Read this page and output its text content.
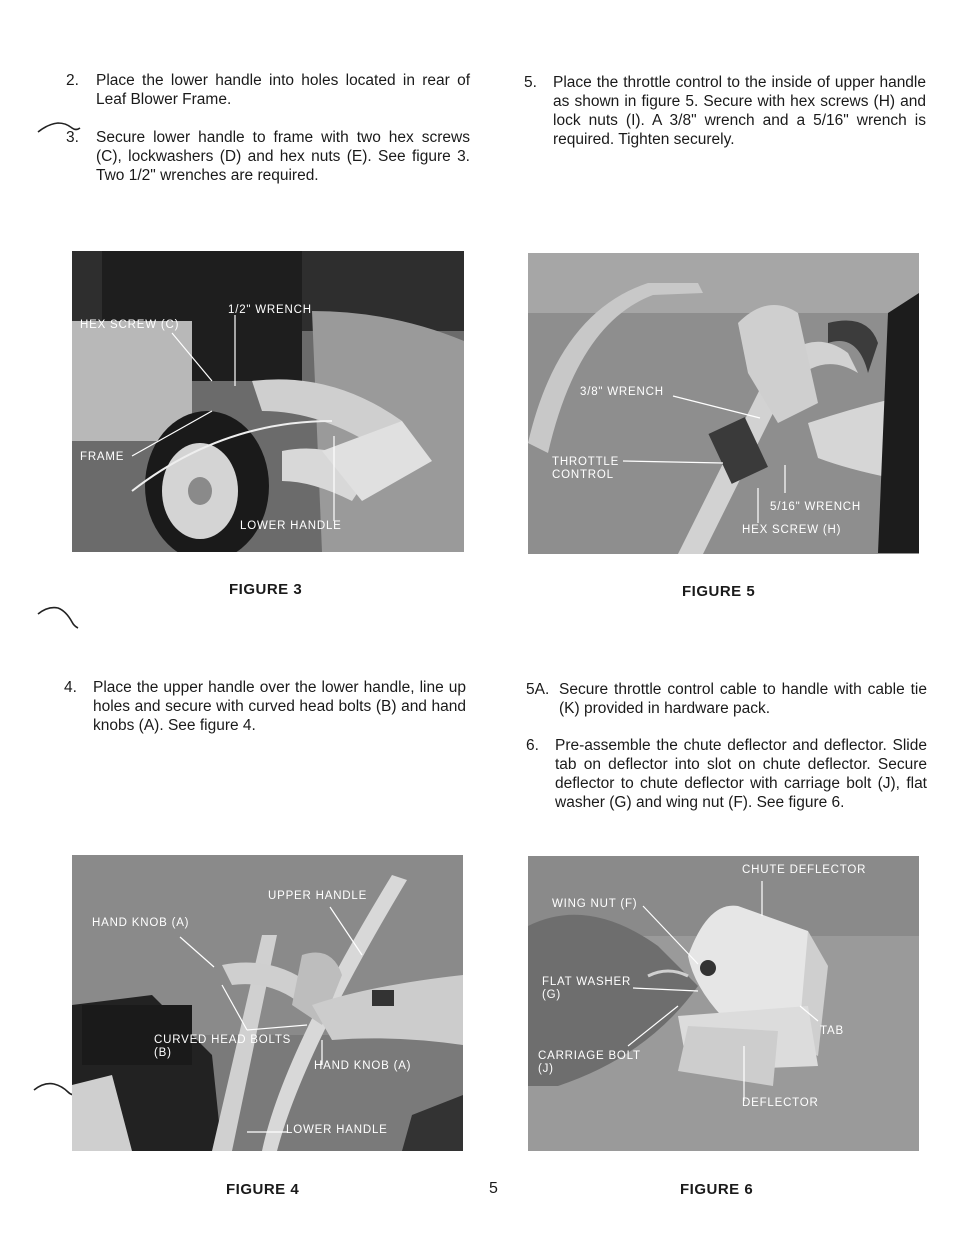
2.	Place the lower handle into holes located in rear of Leaf Blower Frame.
3.	Secure lower handle to frame with two hex screws (C), lockwashers (D) and hex nuts (E). See figure 3. Two 1/2" wrenches are required.
5.	Place the throttle control to the inside of upper handle as shown in figure 5. Secure with hex screws (H) and lock nuts (I). A 3/8" wrench and a 5/16" wrench is required. Tighten securely.
HEX SCREW (C)
1/2" WRENCH
FRAME
LOWER HANDLE
FIGURE 3
3/8" WRENCH
THROTTLE
CONTROL
5/16" WRENCH
HEX SCREW (H)
FIGURE 5
4.	Place the upper handle over the lower handle, line up holes and secure with curved head bolts (B) and hand knobs (A). See figure 4.
5A. Secure throttle control cable to handle with cable tie (K) provided in hardware pack.
6.	Pre-assemble the chute deflector and deflector. Slide tab on deflector into slot on chute deflector. Secure deflector to chute deflector with carriage bolt (J), flat washer (G) and wing nut (F). See figure 6.
HAND KNOB (A)
UPPER HANDLE
CURVED HEAD BOLTS
(B)
HAND KNOB (A)
LOWER HANDLE
FIGURE 4
CHUTE DEFLECTOR
WING NUT (F)
FLAT WASHER
(G)
TAB
CARRIAGE BOLT
(J)
DEFLECTOR
FIGURE 6
5
